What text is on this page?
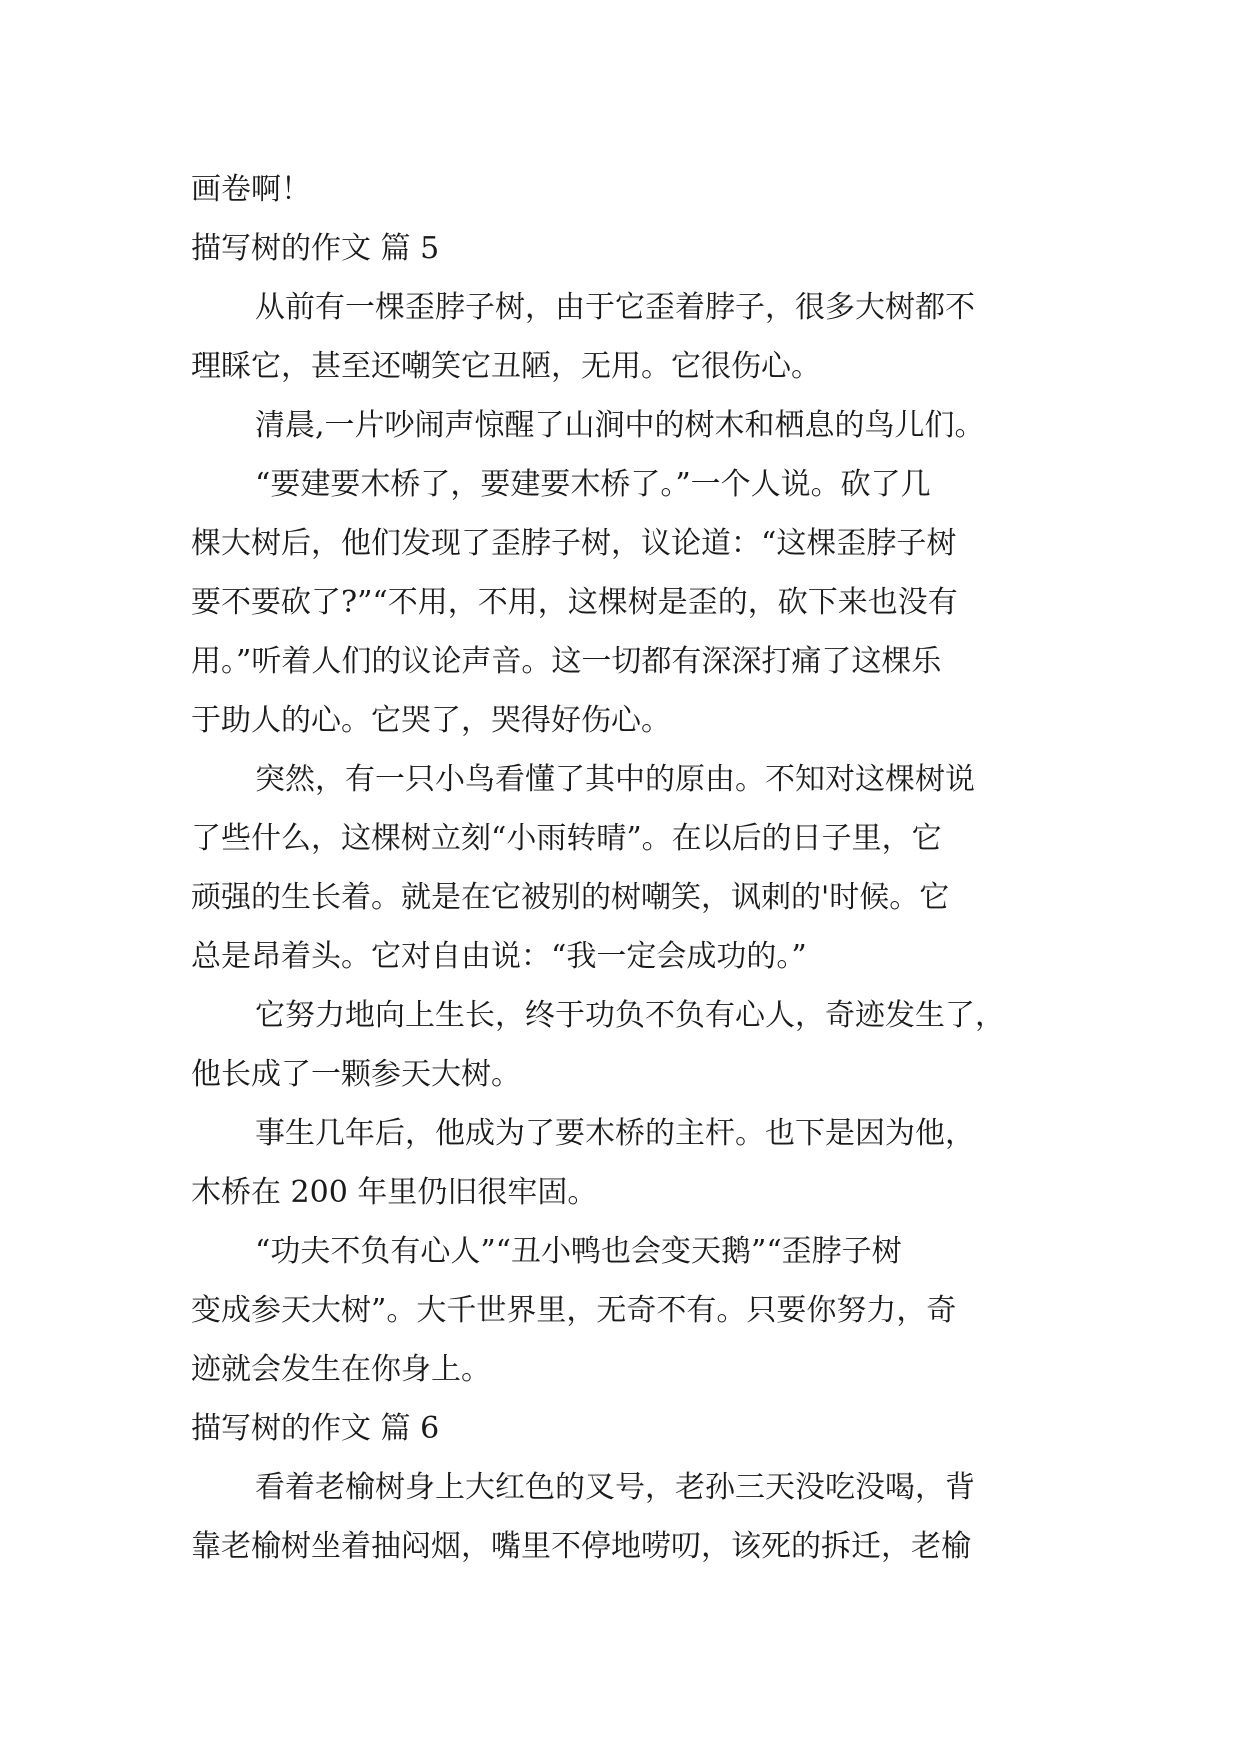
画卷啊！
描写树的作文 篇 5
从前有一棵歪脖子树，由于它歪着脖子，很多大树都不
理睬它，甚至还嘲笑它丑陋，无用。它很伤心。
清晨,一片吵闹声惊醒了山涧中的树木和栖息的鸟儿们。
“要建要木桥了，要建要木桥了。”一个人说。砍了几
棵大树后，他们发现了歪脖子树，议论道：“这棵歪脖子树
要不要砍了?”“不用，不用，这棵树是歪的，砍下来也没有
用。”听着人们的议论声音。这一切都有深深打痛了这棵乐
于助人的心。它哭了，哭得好伤心。
突然，有一只小鸟看懂了其中的原由。不知对这棵树说
了些什么，这棵树立刻“小雨转晴”。在以后的日子里，它
顽强的生长着。就是在它被别的树嘲笑，讽刺的'时候。它
总是昂着头。它对自由说：“我一定会成功的。”
它努力地向上生长，终于功负不负有心人，奇迹发生了，
他长成了一颗参天大树。
事生几年后，他成为了要木桥的主杆。也下是因为他，
木桥在 200 年里仍旧很牢固。
“功夫不负有心人”“丑小鸭也会变天鹅”“歪脖子树
变成参天大树”。大千世界里，无奇不有。只要你努力，奇
迹就会发生在你身上。
描写树的作文 篇 6
看着老榆树身上大红色的叉号，老孙三天没吃没喝，背
靠老榆树坐着抽闷烟，嘴里不停地唠叨，该死的拆迁，老榆
